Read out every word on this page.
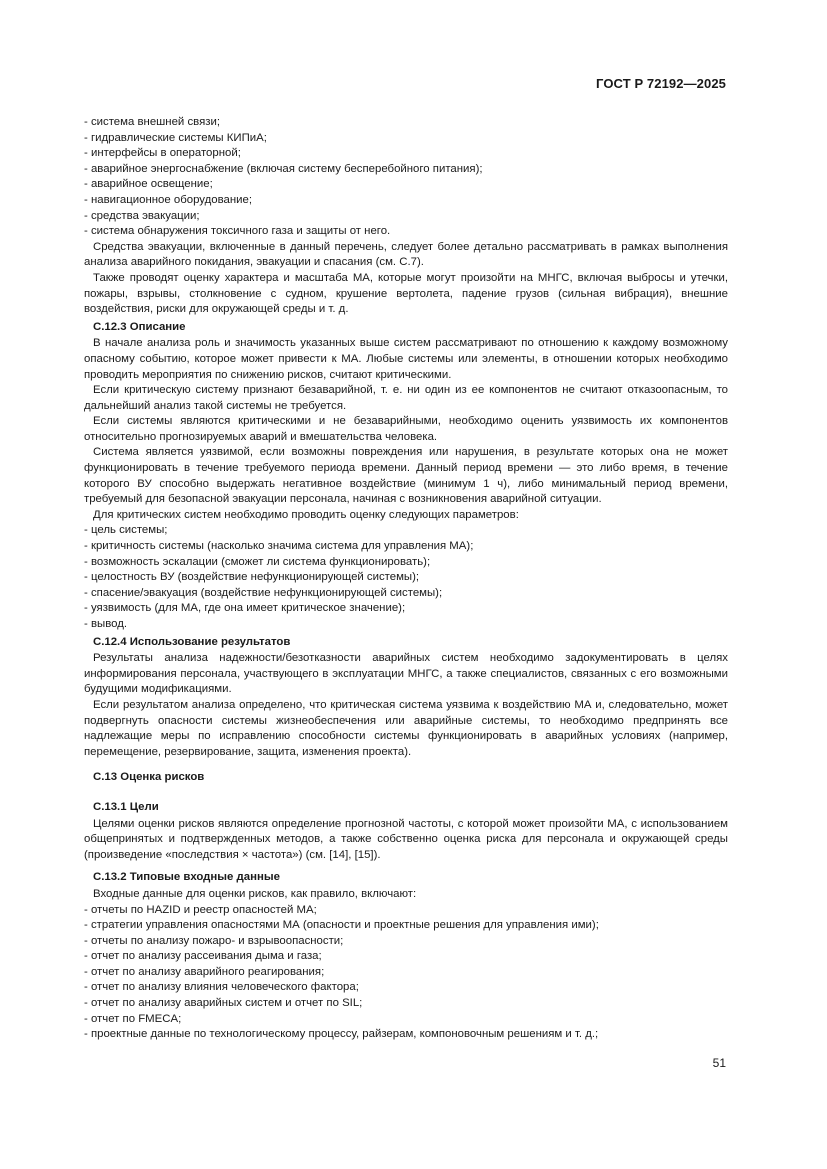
ГОСТ Р 72192—2025
- система внешней связи;
- гидравлические системы КИПиА;
- интерфейсы в операторной;
- аварийное энергоснабжение (включая систему бесперебойного питания);
- аварийное освещение;
- навигационное оборудование;
- средства эвакуации;
- система обнаружения токсичного газа и защиты от него.
Средства эвакуации, включенные в данный перечень, следует более детально рассматривать в рамках выполнения анализа аварийного покидания, эвакуации и спасания (см. С.7).
Также проводят оценку характера и масштаба МА, которые могут произойти на МНГС, включая выбросы и утечки, пожары, взрывы, столкновение с судном, крушение вертолета, падение грузов (сильная вибрация), внешние воздействия, риски для окружающей среды и т. д.
С.12.3 Описание
В начале анализа роль и значимость указанных выше систем рассматривают по отношению к каждому возможному опасному событию, которое может привести к МА. Любые системы или элементы, в отношении которых необходимо проводить мероприятия по снижению рисков, считают критическими.
Если критическую систему признают безаварийной, т. е. ни один из ее компонентов не считают отказоопасным, то дальнейший анализ такой системы не требуется.
Если системы являются критическими и не безаварийными, необходимо оценить уязвимость их компонентов относительно прогнозируемых аварий и вмешательства человека.
Система является уязвимой, если возможны повреждения или нарушения, в результате которых она не может функционировать в течение требуемого периода времени. Данный период времени — это либо время, в течение которого ВУ способно выдержать негативное воздействие (минимум 1 ч), либо минимальный период времени, требуемый для безопасной эвакуации персонала, начиная с возникновения аварийной ситуации.
Для критических систем необходимо проводить оценку следующих параметров:
- цель системы;
- критичность системы (насколько значима система для управления МА);
- возможность эскалации (сможет ли система функционировать);
- целостность ВУ (воздействие нефункционирующей системы);
- спасение/эвакуация (воздействие нефункционирующей системы);
- уязвимость (для МА, где она имеет критическое значение);
- вывод.
С.12.4 Использование результатов
Результаты анализа надежности/безотказности аварийных систем необходимо задокументировать в целях информирования персонала, участвующего в эксплуатации МНГС, а также специалистов, связанных с его возможными будущими модификациями.
Если результатом анализа определено, что критическая система уязвима к воздействию МА и, следовательно, может подвергнуть опасности системы жизнеобеспечения или аварийные системы, то необходимо предпринять все надлежащие меры по исправлению способности системы функционировать в аварийных условиях (например, перемещение, резервирование, защита, изменения проекта).
С.13 Оценка рисков
С.13.1 Цели
Целями оценки рисков являются определение прогнозной частоты, с которой может произойти МА, с использованием общепринятых и подтвержденных методов, а также собственно оценка риска для персонала и окружающей среды (произведение «последствия × частота») (см. [14], [15]).
С.13.2 Типовые входные данные
Входные данные для оценки рисков, как правило, включают:
- отчеты по HAZID и реестр опасностей МА;
- стратегии управления опасностями МА (опасности и проектные решения для управления ими);
- отчеты по анализу пожаро- и взрывоопасности;
- отчет по анализу рассеивания дыма и газа;
- отчет по анализу аварийного реагирования;
- отчет по анализу влияния человеческого фактора;
- отчет по анализу аварийных систем и отчет по SIL;
- отчет по FMECA;
- проектные данные по технологическому процессу, райзерам, компоновочным решениям и т. д.;
51
